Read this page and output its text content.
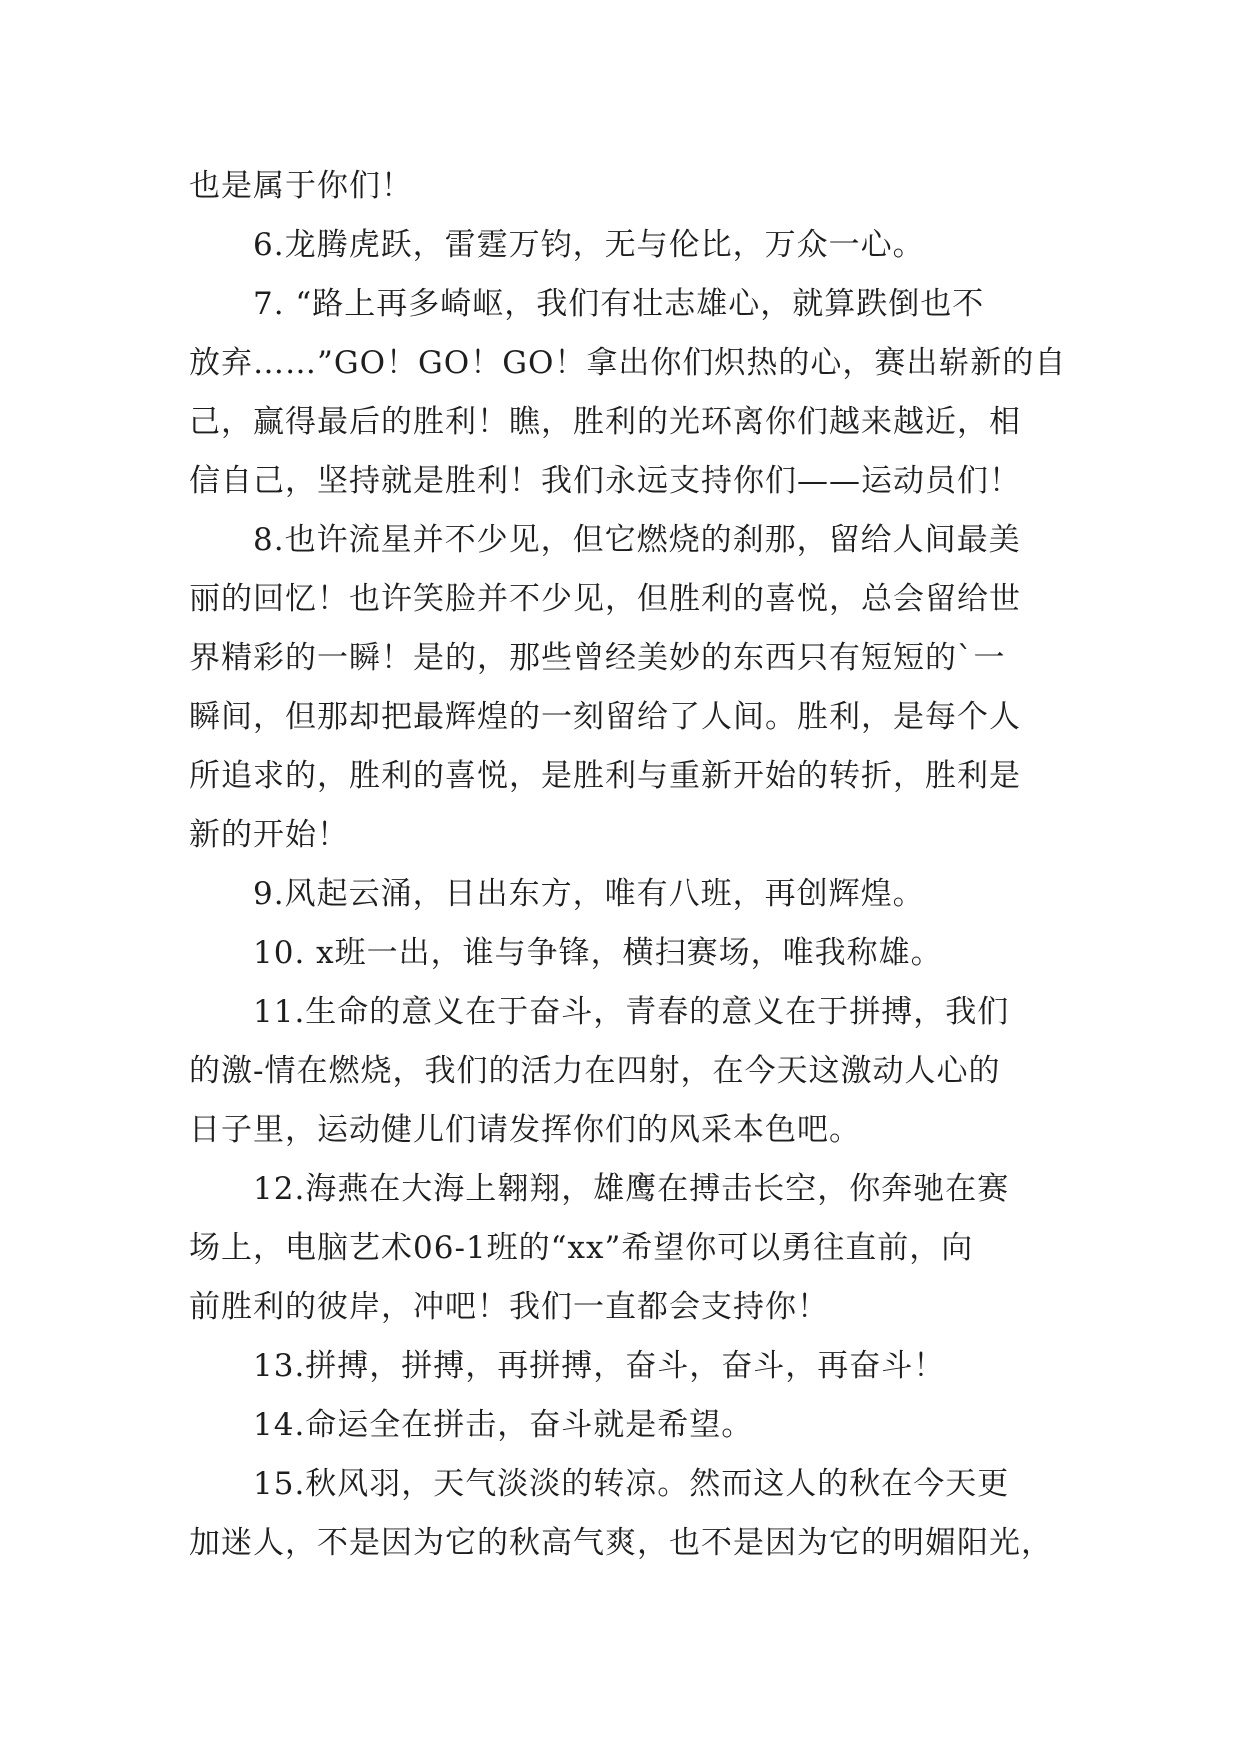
也是属于你们！
6.龙腾虎跃，雷霆万钧，无与伦比，万众一心。
7. “路上再多崎岖，我们有壮志雄心，就算跌倒也不
放弃……”GO！GO！GO！拿出你们炽热的心，赛出崭新的自
己，赢得最后的胜利！瞧，胜利的光环离你们越来越近，相
信自己，坚持就是胜利！我们永远支持你们——运动员们！
8.也许流星并不少见，但它燃烧的刹那，留给人间最美
丽的回忆！也许笑脸并不少见，但胜利的喜悦，总会留给世
界精彩的一瞬！是的，那些曾经美妙的东西只有短短的`一
瞬间，但那却把最辉煌的一刻留给了人间。胜利，是每个人
所追求的，胜利的喜悦，是胜利与重新开始的转折，胜利是
新的开始！
9.风起云涌，日出东方，唯有八班，再创辉煌。
10. x班一出，谁与争锋，横扫赛场，唯我称雄。
11.生命的意义在于奋斗，青春的意义在于拼搏，我们
的激-情在燃烧，我们的活力在四射，在今天这激动人心的
日子里，运动健儿们请发挥你们的风采本色吧。
12.海燕在大海上翱翔，雄鹰在搏击长空，你奔驰在赛
场上，电脑艺术06-1班的“xx”希望你可以勇往直前，向
前胜利的彼岸，冲吧！我们一直都会支持你！
13.拼搏，拼搏，再拼搏，奋斗，奋斗，再奋斗！
14.命运全在拼击，奋斗就是希望。
15.秋风羽，天气淡淡的转凉。然而这人的秋在今天更
加迷人，不是因为它的秋高气爽，也不是因为它的明媚阳光，
